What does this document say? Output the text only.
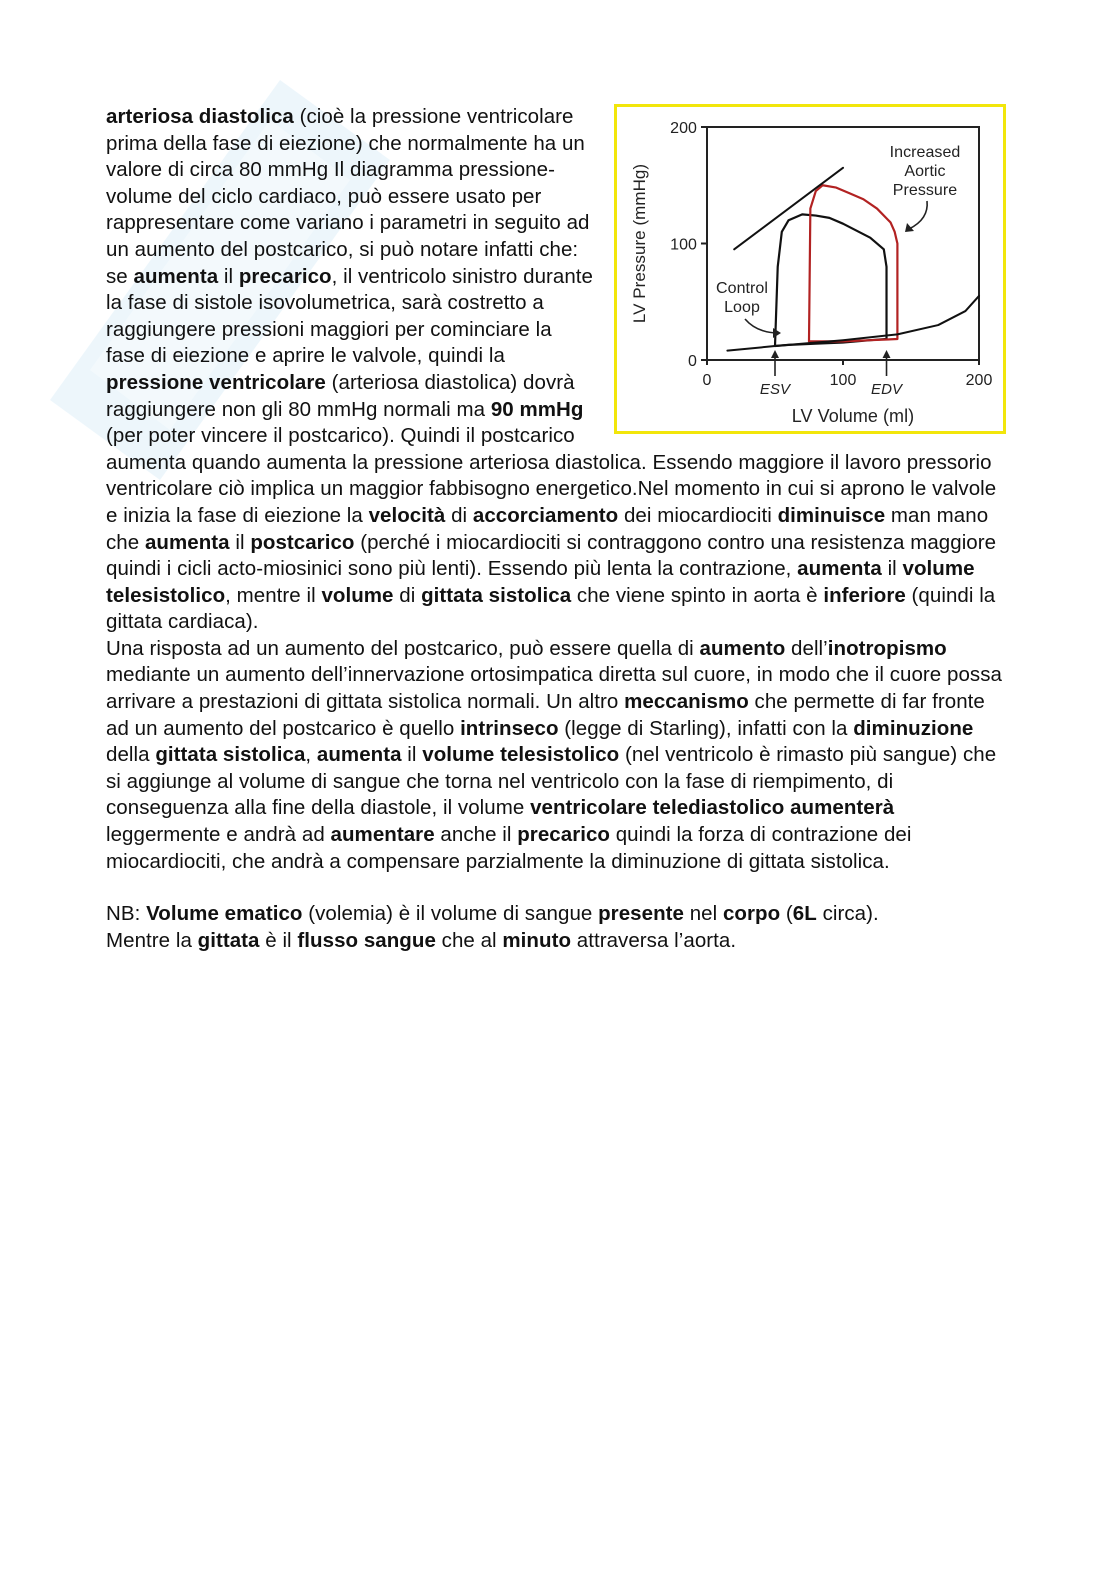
0
100
200
0	100	200
LV Pressure (mmHg)
LV Volume (ml)
ESV	EDV
Control
Loop
Increased
Aortic
Pressure

arteriosa diastolica (cioè la pressione ventricolare prima della fase di eiezione) che normalmente ha un valore di circa 80 mmHg Il diagramma pressione-volume del ciclo cardiaco, può essere usato per rappresentare come variano i parametri in seguito ad un aumento del postcarico, si può notare infatti che: se aumenta il precarico, il ventricolo sinistro durante la fase di sistole isovolumetrica, sarà costretto a raggiungere pressioni maggiori per cominciare la fase di eiezione e aprire le valvole, quindi la pressione ventricolare (arteriosa diastolica) dovrà raggiungere non gli 80 mmHg normali ma 90 mmHg (per poter vincere il postcarico). Quindi il postcarico aumenta quando aumenta la pressione arteriosa diastolica. Essendo maggiore il lavoro pressorio ventricolare ciò implica un maggior fabbisogno energetico.Nel momento in cui si aprono le valvole e inizia la fase di eiezione la velocità di accorciamento dei miocardiociti diminuisce man mano che aumenta il postcarico (perché i miocardiociti si contraggono contro una resistenza maggiore quindi i cicli acto-miosinici sono più lenti). Essendo più lenta la contrazione, aumenta il volume telesistolico, mentre il volume di gittata sistolica che viene spinto in aorta è inferiore (quindi la gittata cardiaca).

Una risposta ad un aumento del postcarico, può essere quella di aumento dell’inotropismo mediante un aumento dell’innervazione ortosimpatica diretta sul cuore, in modo che il cuore possa arrivare a prestazioni di gittata sistolica normali. Un altro meccanismo che permette di far fronte ad un aumento del postcarico è quello intrinseco (legge di Starling), infatti con la diminuzione della gittata sistolica, aumenta il volume telesistolico (nel ventricolo è rimasto più sangue) che si aggiunge al volume di sangue che torna nel ventricolo con la fase di riempimento, di conseguenza alla fine della diastole, il volume ventricolare telediastolico aumenterà leggermente e andrà ad aumentare anche il precarico quindi la forza di contrazione dei miocardiociti, che andrà a compensare parzialmente la diminuzione di gittata sistolica.

NB: Volume ematico (volemia) è il volume di sangue presente nel corpo (6L circa).

Mentre la gittata è il flusso sangue che al minuto attraversa l’aorta.
